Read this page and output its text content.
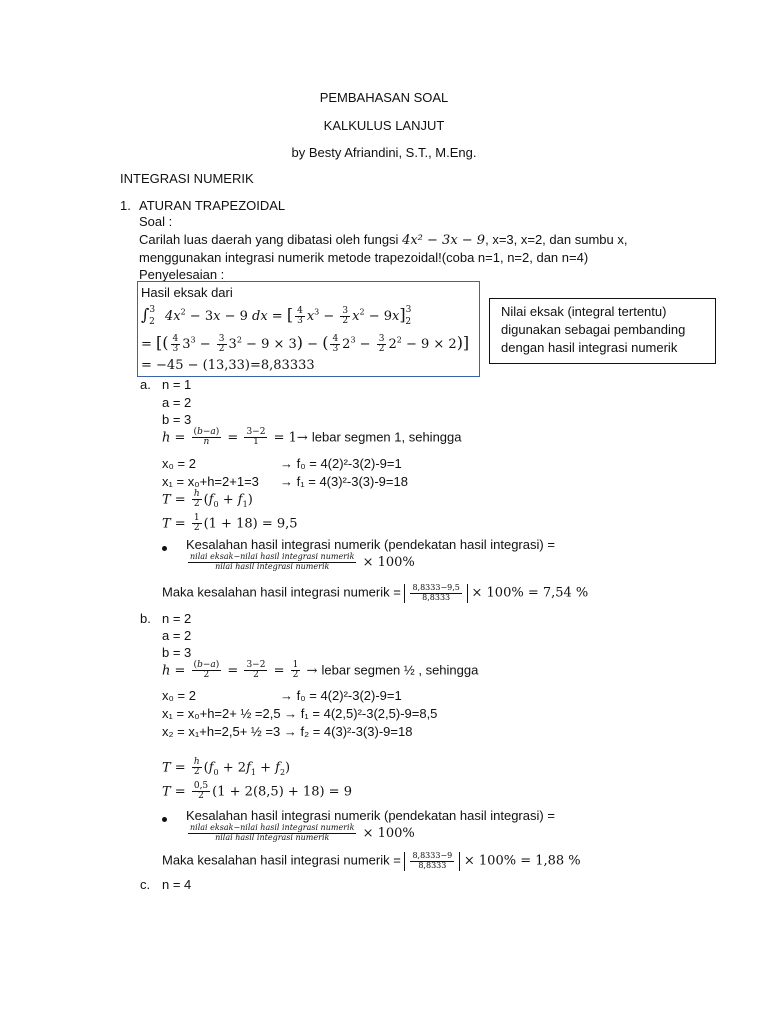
PEMBAHASAN SOAL
KALKULUS LANJUT
by Besty Afriandini, S.T., M.Eng.
INTEGRASI NUMERIK
1. ATURAN TRAPEZOIDAL
Soal :
Carilah luas daerah yang dibatasi oleh fungsi 4x² − 3x − 9, x=3, x=2, dan sumbu x,
menggunakan integrasi numerik metode trapezoidal!(coba n=1, n=2, dan n=4)
Penyelesaian :
Hasil eksak dari
∫$^3_2$ $4x^2 - 3x - 9$ dx = [ $\frac{4}{3} x^3 - \frac{3}{2} x^2 - 9x]^3_2$
= [( $\frac{4}{3} 3^3 - \frac{3}{2} 3^2 - 9 \times 3$) − ( $\frac{4}{3} 2^3 - \frac{3}{2} 2^2 - 9 \times 2$)]
= −45 − (13,33)=8,83333
Nilai eksak (integral tertentu)
digunakan sebagai pembanding
dengan hasil integrasi numerik
a. n = 1
a = 2
b = 3
$h = \frac{(b-a)}{n} = \frac{3-2}{1} = 1\to$ lebar segmen 1, sehingga
x₀ = 2	→ f₀ = 4(2)²-3(2)-9=1
x₁ = x₀+h=2+1=3 → f₁ = 4(3)²-3(3)-9=18
$T = \frac{h}{2} (f_0 + f_1)$
$T = \frac{1}{2} (1 + 18) = 9,5$
Kesalahan hasil integrasi numerik (pendekatan hasil integrasi) =
$\frac{\text{nilai eksak−nilai hasil integrasi numerik}}{\text{nilai hasil integrasi numerik}} \times 100\%$
Maka kesalahan hasil integrasi numerik = $\frac{8,8333-9,5}{8,8333} \times 100\% = 7,54$ %
b. n = 2
a = 2
b = 3
$h = \frac{(b-a)}{2} = \frac{3-2}{2} = \frac{1}{2}$ → lebar segmen ½ , sehingga
x₀ = 2	→ f₀ = 4(2)²-3(2)-9=1
x₁ = x₀+h=2+ ½ =2,5 → f₁ = 4(2,5)²-3(2,5)-9=8,5
x₂ = x₁+h=2,5+ ½ =3 → f₂ = 4(3)²-3(3)-9=18
$T = \frac{h}{2} (f_0 + 2f_1 + f_2)$
$T = \frac{0,5}{2} (1 + 2(8,5) + 18) = 9$
Kesalahan hasil integrasi numerik (pendekatan hasil integrasi) =
$\frac{\text{nilai eksak−nilai hasil integrasi numerik}}{\text{nilai hasil integrasi numerik}} \times 100\%$
Maka kesalahan hasil integrasi numerik = $\frac{8,8333-9}{8,8333} \times 100\% = 1,88$ %
c. n = 4
